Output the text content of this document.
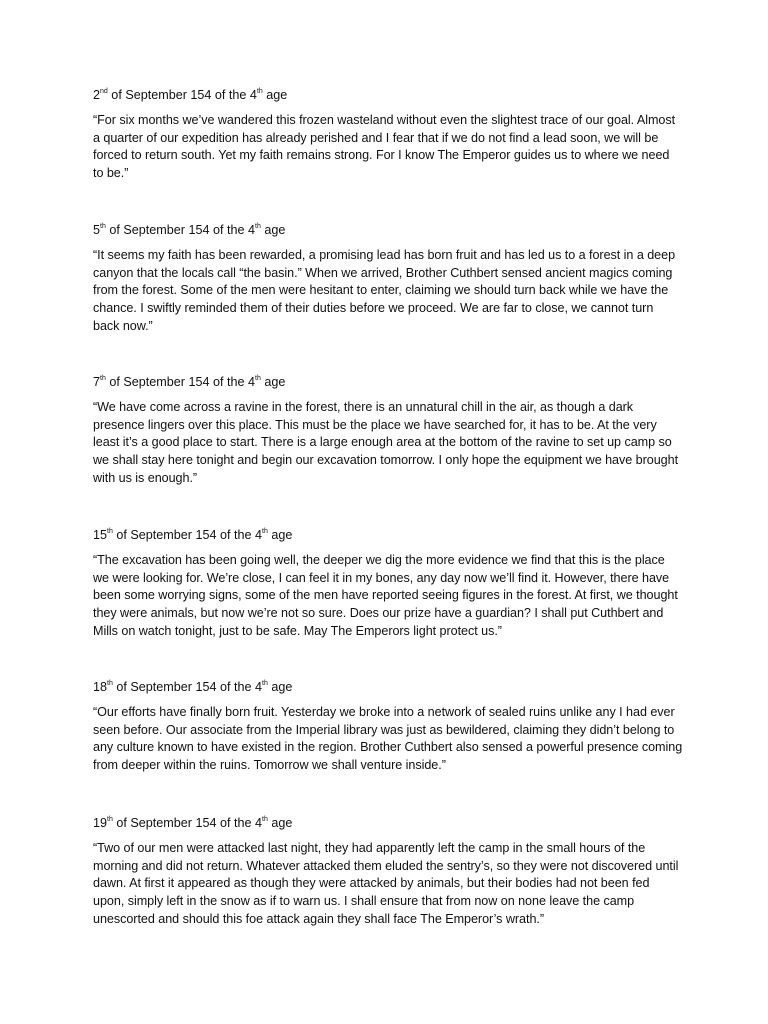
2nd of September 154 of the 4th age

“For six months we’ve wandered this frozen wasteland without even the slightest trace of our goal. Almost a quarter of our expedition has already perished and I fear that if we do not find a lead soon, we will be forced to return south. Yet my faith remains strong. For I know The Emperor guides us to where we need to be.”

5th of September 154 of the 4th age

“It seems my faith has been rewarded, a promising lead has born fruit and has led us to a forest in a deep canyon that the locals call “the basin.” When we arrived, Brother Cuthbert sensed ancient magics coming from the forest. Some of the men were hesitant to enter, claiming we should turn back while we have the chance. I swiftly reminded them of their duties before we proceed. We are far to close, we cannot turn back now.”

7th of September 154 of the 4th age

“We have come across a ravine in the forest, there is an unnatural chill in the air, as though a dark presence lingers over this place. This must be the place we have searched for, it has to be. At the very least it’s a good place to start. There is a large enough area at the bottom of the ravine to set up camp so we shall stay here tonight and begin our excavation tomorrow. I only hope the equipment we have brought with us is enough.”

15th of September 154 of the 4th age

“The excavation has been going well, the deeper we dig the more evidence we find that this is the place we were looking for. We’re close, I can feel it in my bones, any day now we’ll find it. However, there have been some worrying signs, some of the men have reported seeing figures in the forest. At first, we thought they were animals, but now we’re not so sure. Does our prize have a guardian? I shall put Cuthbert and Mills on watch tonight, just to be safe. May The Emperors light protect us.”

18th of September 154 of the 4th age

“Our efforts have finally born fruit. Yesterday we broke into a network of sealed ruins unlike any I had ever seen before. Our associate from the Imperial library was just as bewildered, claiming they didn’t belong to any culture known to have existed in the region. Brother Cuthbert also sensed a powerful presence coming from deeper within the ruins. Tomorrow we shall venture inside.”

19th of September 154 of the 4th age

“Two of our men were attacked last night, they had apparently left the camp in the small hours of the morning and did not return. Whatever attacked them eluded the sentry’s, so they were not discovered until dawn. At first it appeared as though they were attacked by animals, but their bodies had not been fed upon, simply left in the snow as if to warn us. I shall ensure that from now on none leave the camp unescorted and should this foe attack again they shall face The Emperor’s wrath.”
